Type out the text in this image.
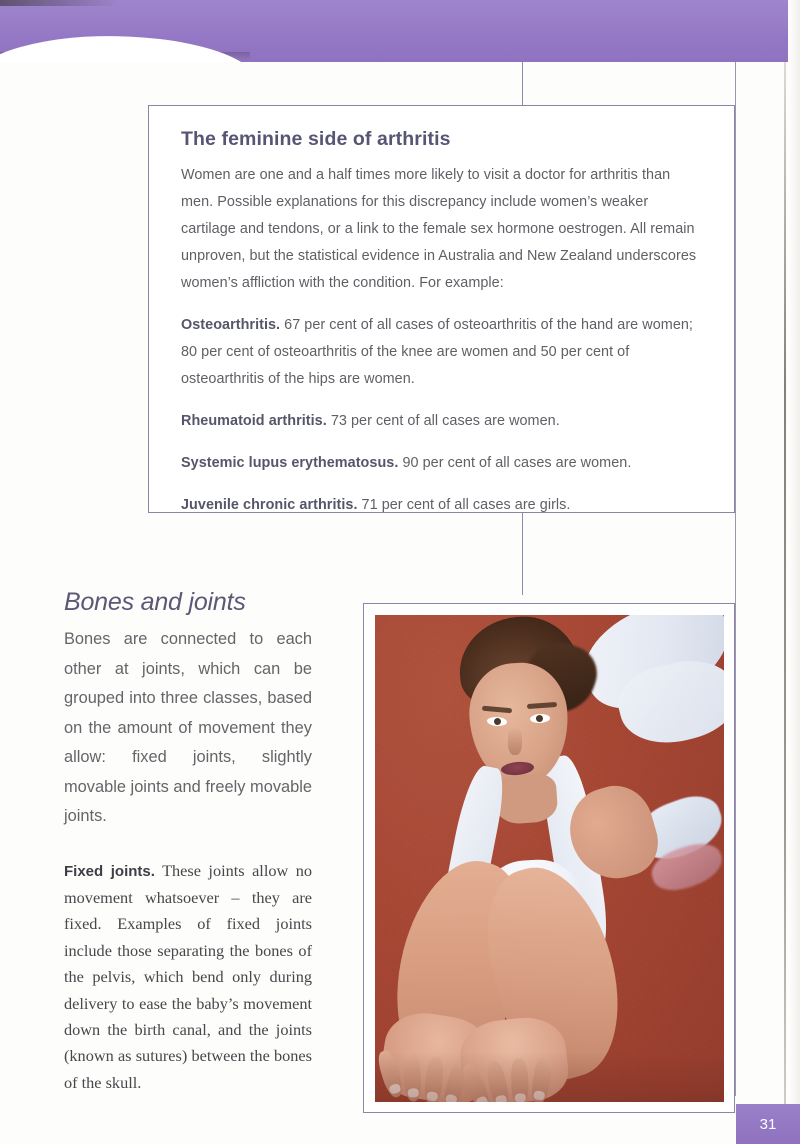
The feminine side of arthritis

Women are one and a half times more likely to visit a doctor for arthritis than men. Possible explanations for this discrepancy include women’s weaker cartilage and tendons, or a link to the female sex hormone oestrogen. All remain unproven, but the statistical evidence in Australia and New Zealand underscores women’s affliction with the condition. For example:

Osteoarthritis. 67 per cent of all cases of osteoarthritis of the hand are women; 80 per cent of osteoarthritis of the knee are women and 50 per cent of osteoarthritis of the hips are women.

Rheumatoid arthritis. 73 per cent of all cases are women.

Systemic lupus erythematosus. 90 per cent of all cases are women.

Juvenile chronic arthritis. 71 per cent of all cases are girls.

Bones and joints

Bones are connected to each other at joints, which can be grouped into three classes, based on the amount of movement they allow: fixed joints, slightly movable joints and freely movable joints.

Fixed joints. These joints allow no movement whatsoever – they are fixed. Examples of fixed joints include those separating the bones of the pelvis, which bend only during delivery to ease the baby’s movement down the birth canal, and the joints (known as sutures) between the bones of the skull.

31
